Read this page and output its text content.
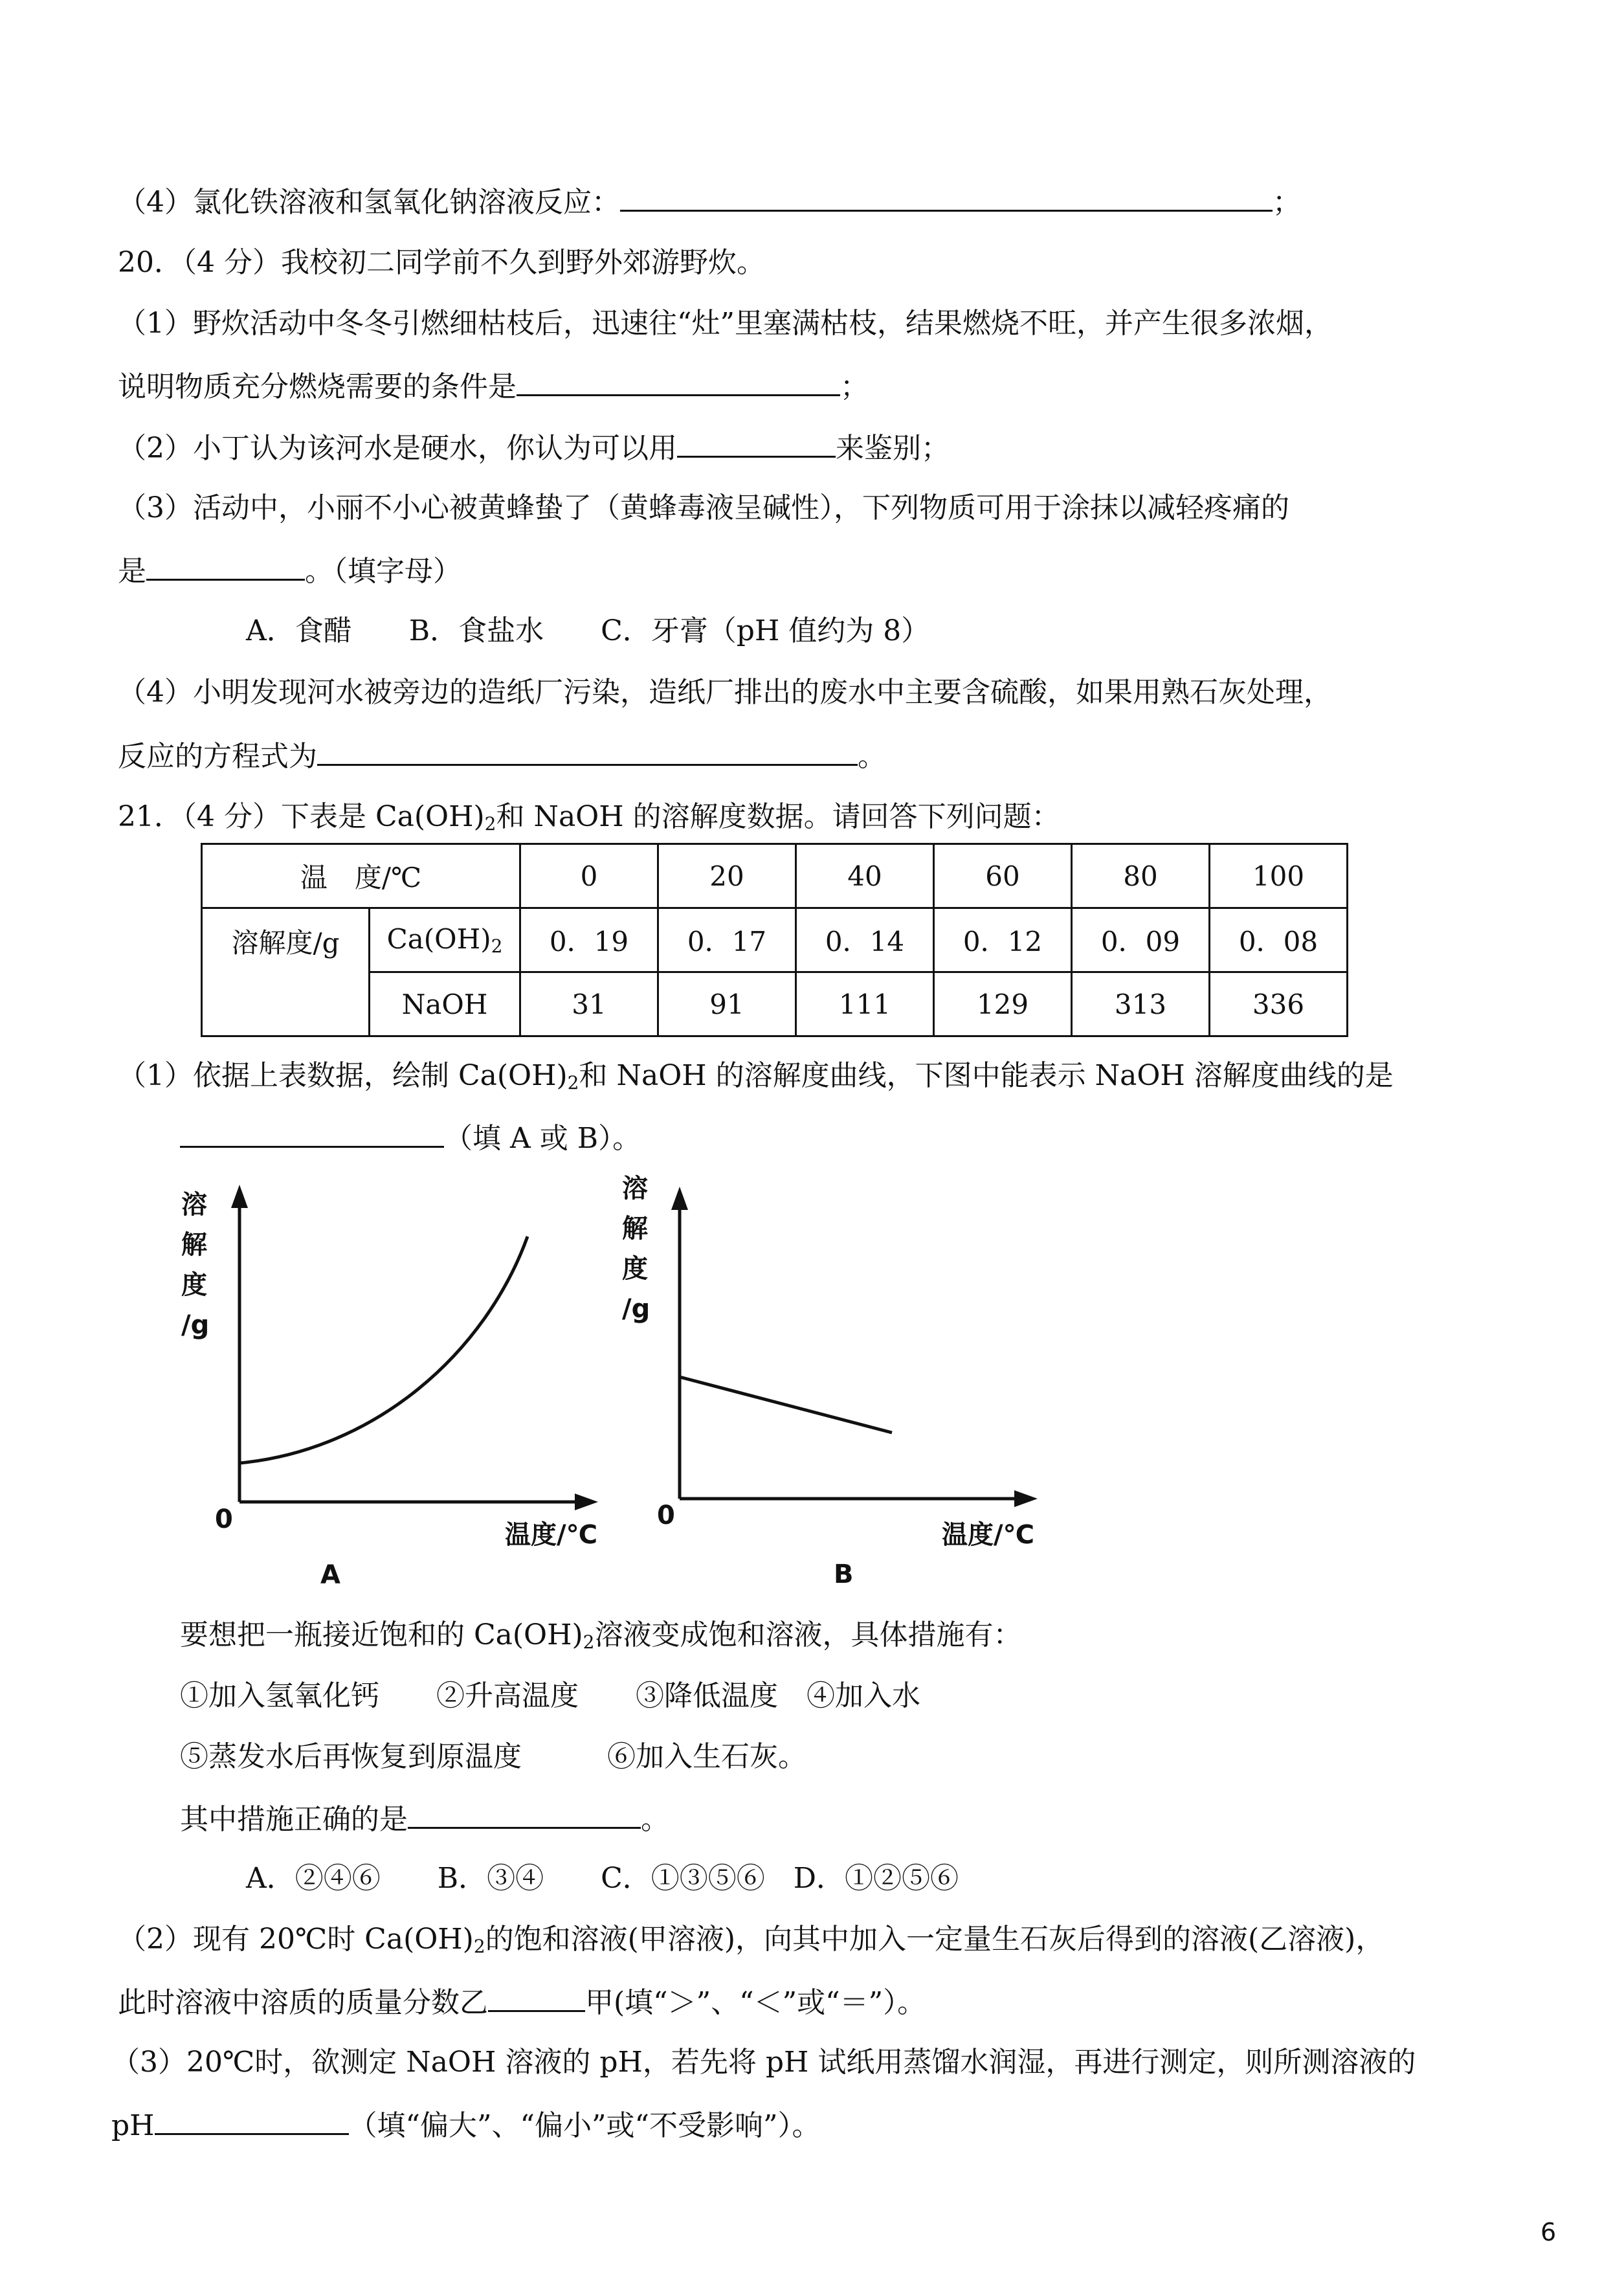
（4）氯化铁溶液和氢氧化钠溶液反应：	；
20．（4 分）我校初二同学前不久到野外郊游野炊。
（1）野炊活动中冬冬引燃细枯枝后，迅速往“灶”里塞满枯枝，结果燃烧不旺，并产生很多浓烟，
说明物质充分燃烧需要的条件是	；
（2）小丁认为该河水是硬水，你认为可以用	来鉴别；
（3）活动中，小丽不小心被黄蜂蛰了（黄蜂毒液呈碱性），下列物质可用于涂抹以减轻疼痛的
是	。（填字母）
A．食醋　　B．食盐水　　C．牙膏（pH 值约为 8）
（4）小明发现河水被旁边的造纸厂污染，造纸厂排出的废水中主要含硫酸，如果用熟石灰处理，
反应的方程式为	。
21．（4 分）下表是 $Ca(OH)_2$和 NaOH 的溶解度数据。请回答下列问题：
温　度/℃		0	20	40	60	80	100
溶解度/g	$Ca(OH)_2$	0．19	0．17	0．14	0．12	0．09	0．08
	NaOH	31	91	111	129	313	336
（1）依据上表数据，绘制 $Ca(OH)_2$和 NaOH 的溶解度曲线，下图中能表示 NaOH 溶解度曲线的是
（填 A 或 B）。
溶
解
度
/g
0
温度/℃
A
溶
解
度
/g
0
温度/℃
B
要想把一瓶接近饱和的 $Ca(OH)_2$溶液变成饱和溶液，具体措施有：
①加入氢氧化钙　　②升高温度　　③降低温度　④加入水
⑤蒸发水后再恢复到原温度　　　⑥加入生石灰。
其中措施正确的是	。
A．②④⑥　　B．③④　　C．①③⑤⑥　D．①②⑤⑥
（2）现有 20℃时 $Ca(OH)_2$的饱和溶液(甲溶液)，向其中加入一定量生石灰后得到的溶液(乙溶液)，
此时溶液中溶质的质量分数乙	甲(填“＞”、“＜”或“＝”）。
（3）20℃时，欲测定 NaOH 溶液的 pH，若先将 pH 试纸用蒸馏水润湿，再进行测定，则所测溶液的
pH	（填“偏大”、“偏小”或“不受影响”）。
6
